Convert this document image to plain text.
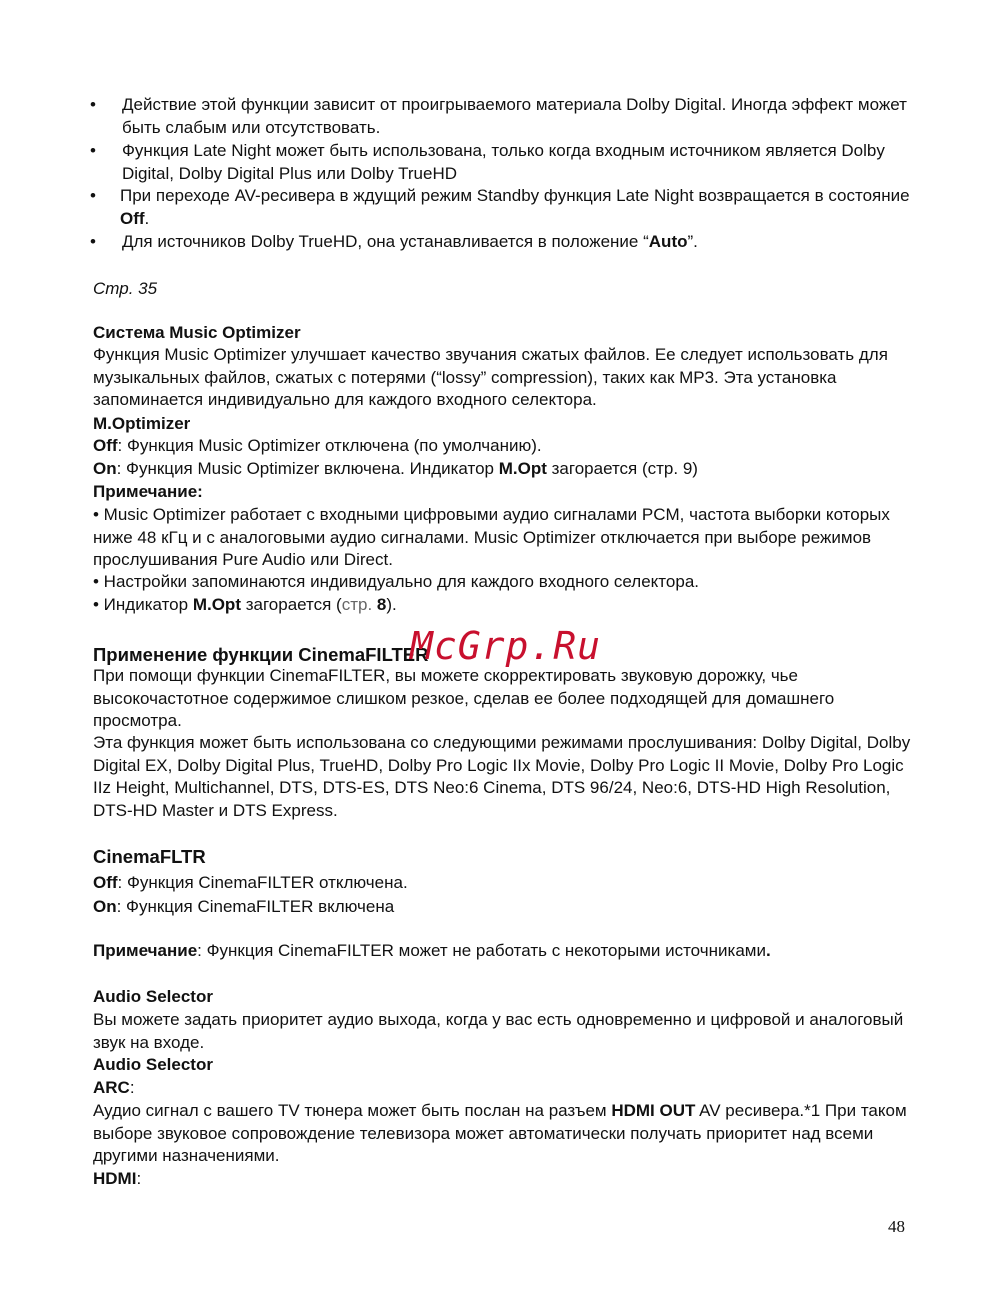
• Действие этой функции зависит от проигрываемого материала Dolby Digital. Иногда эффект может быть слабым или отсутствовать.
• Функция Late Night может быть использована, только когда входным источником является Dolby Digital, Dolby Digital Plus или Dolby TrueHD
• При переходе AV-ресивера в ждущий режим Standby функция Late Night возвращается в состояние Off.
• Для источников Dolby TrueHD, она устанавливается в положение “Auto”.
Стр. 35
Система Music Optimizer
Функция Music Optimizer улучшает качество звучания сжатых файлов. Ее следует использовать для музыкальных файлов, сжатых с потерями (“lossy” compression), таких как MP3. Эта установка запоминается индивидуально для каждого входного селектора.
M.Optimizer
Off: Функция Music Optimizer отключена (по умолчанию).
On: Функция Music Optimizer включена. Индикатор M.Opt загорается (стр. 9)
Примечание:
• Music Optimizer работает с входными цифровыми аудио сигналами PCM, частота выборки которых ниже 48 кГц и с аналоговыми аудио сигналами. Music Optimizer отключается при выборе режимов прослушивания Pure Audio или Direct.
• Настройки запоминаются индивидуально для каждого входного селектора.
• Индикатор M.Opt загорается (стр. 8).
Применение функции CinemaFILTER
При помощи функции CinemaFILTER, вы можете скорректировать звуковую дорожку, чье высокочастотное содержимое слишком резкое, сделав ее более подходящей для домашнего просмотра.
Эта функция может быть использована со следующими режимами прослушивания: Dolby Digital, Dolby Digital EX, Dolby Digital Plus, TrueHD, Dolby Pro Logic IIx Movie, Dolby Pro Logic II Movie, Dolby Pro Logic IIz Height, Multichannel, DTS, DTS-ES, DTS Neo:6 Cinema, DTS 96/24, Neo:6, DTS-HD High Resolution, DTS-HD Master и DTS Express.
CinemaFLTR
Off: Функция CinemaFILTER отключена.
On: Функция CinemaFILTER включена
Примечание: Функция CinemaFILTER может не работать с некоторыми источниками.
Audio Selector
Вы можете задать приоритет аудио выхода, когда у вас есть одновременно и цифровой и аналоговый звук на входе.
Audio Selector
ARC:
Аудио сигнал с вашего TV тюнера может быть послан на разъем HDMI OUT AV ресивера.*1 При таком выборе звуковое сопровождение телевизора может автоматически получать приоритет над всеми другими назначениями.
HDMI:
McGrp.Ru
48
